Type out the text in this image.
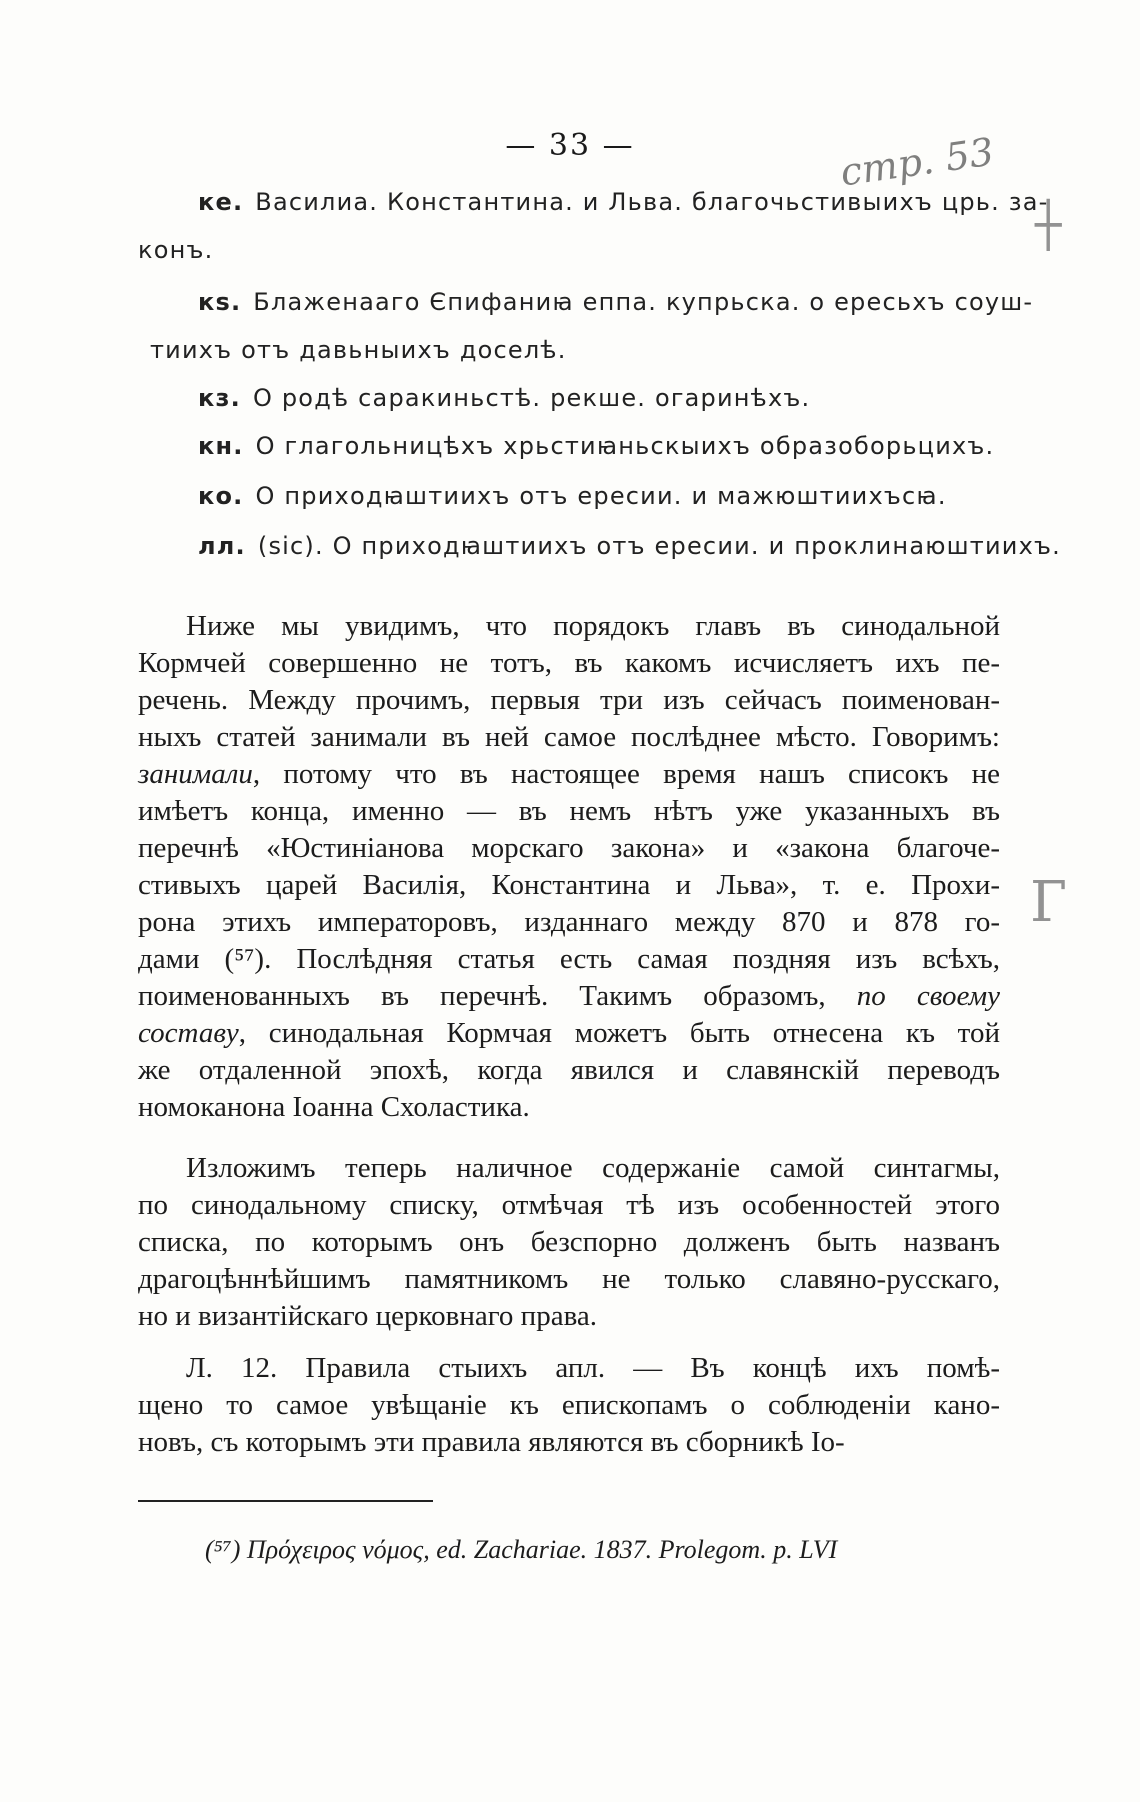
— 33 —	стр. 53
ке. Василиа. Константина. и Льва. благочьстивыихъ црь. за-
конъ.
кѕ. Блаженааго Єпифаниꙗ еппа. купрьска. о ересьхъ соуш-
тиихъ отъ давьныихъ доселѣ.
кз. О родѣ саракиньстѣ. рекше. огаринѣхъ.
кн. О глагольницѣхъ хрьстиꙗньскыихъ образоборьцихъ.
ко. О приходꙗштиихъ отъ ересии. и мажюштиихъсꙗ.
лл. (sic). О приходꙗштиихъ отъ ересии. и проклинаюштиихъ.
Ниже мы увидимъ, что порядокъ главъ въ синодальной
Кормчей совершенно не тотъ, въ какомъ исчисляетъ ихъ пе-
речень. Между прочимъ, первыя три изъ сейчасъ поименован-
ныхъ статей занимали въ ней самое послѣднее мѣсто. Говоримъ:
занимали, потому что въ настоящее время нашъ списокъ не
имѣетъ конца, именно — въ немъ нѣтъ уже указанныхъ въ
перечнѣ «Юстиніанова морскаго закона» и «закона благоче-
стивыхъ царей Василія, Константина и Льва», т. е. Прохи-
рона этихъ императоровъ, изданнаго между 870 и 878 го-
дами (⁵⁷). Послѣдняя статья есть самая поздняя изъ всѣхъ,
поименованныхъ въ перечнѣ. Такимъ образомъ, по своему
составу, синодальная Кормчая можетъ быть отнесена къ той
же отдаленной эпохѣ, когда явился и славянскій переводъ
номоканона Іоанна Схоластика.
Изложимъ теперь наличное содержаніе самой синтагмы,
по синодальному списку, отмѣчая тѣ изъ особенностей этого
списка, по которымъ онъ безспорно долженъ быть названъ
драгоцѣннѣйшимъ памятникомъ не только славяно-русскаго,
но и византійскаго церковнаго права.
Л. 12. Правила стыихъ апл. — Въ концѣ ихъ помѣ-
щено то самое увѣщаніе къ епископамъ о соблюденіи кано-
новъ, съ которымъ эти правила являются въ сборникѣ Іо-
(⁵⁷) Πρόχειρος νόμος, ed. Zachariae. 1837. Prolegom. p. LVI
┼
Г
